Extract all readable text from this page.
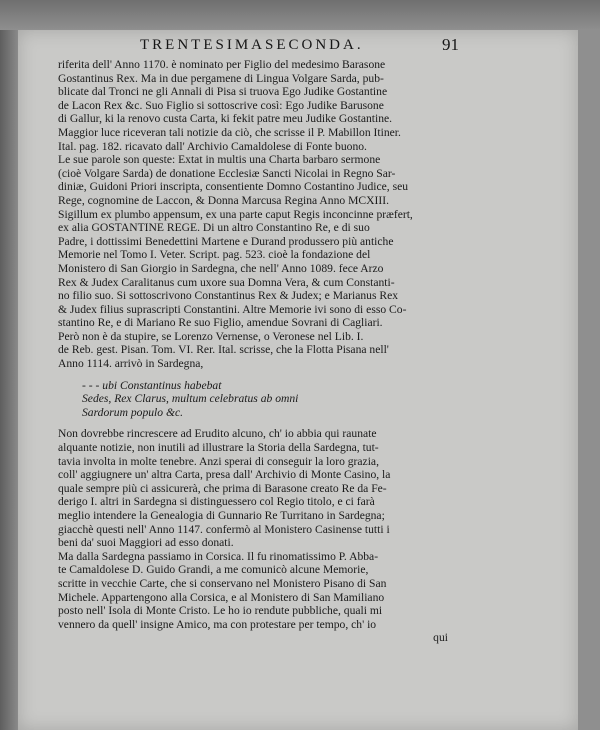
TRENTESIMASECONDA.	91
riferita dell' Anno 1170. è nominato per Figlio del medesimo Barasone
Gostantinus Rex. Ma in due pergamene di Lingua Volgare Sarda, pub-
blicate dal Tronci ne gli Annali di Pisa si truova Ego Judike Gostantine
de Lacon Rex &c. Suo Figlio si sottoscrive così: Ego Judike Barusone
di Gallur, ki la renovo custa Carta, ki fekit patre meu Judike Gostantine.
Maggior luce riceveran tali notizie da ciò, che scrisse il P. Mabillon Itiner.
Ital. pag. 182. ricavato dall' Archivio Camaldolese di Fonte buono.
Le sue parole son queste: Extat in multis una Charta barbaro sermone
(cioè Volgare Sarda) de donatione Ecclesiæ Sancti Nicolai in Regno Sar-
diniæ, Guidoni Priori inscripta, consentiente Domno Costantino Judice, seu
Rege, cognomine de Laccon, & Donna Marcusa Regina Anno MCXIII.
Sigillum ex plumbo appensum, ex una parte caput Regis inconcinne præfert,
ex alia GOSTANTINE REGE. Di un altro Constantino Re, e di suo
Padre, i dottissimi Benedettini Martene e Durand produssero più antiche
Memorie nel Tomo I. Veter. Script. pag. 523. cioè la fondazione del
Monistero di San Giorgio in Sardegna, che nell' Anno 1089. fece Arzo
Rex & Judex Caralitanus cum uxore sua Domna Vera, & cum Constanti-
no filio suo. Si sottoscrivono Constantinus Rex & Judex; e Marianus Rex
& Judex filius suprascripti Constantini. Altre Memorie ivi sono di esso Co-
stantino Re, e di Mariano Re suo Figlio, amendue Sovrani di Cagliari.
Però non è da stupire, se Lorenzo Vernense, o Veronese nel Lib. I.
de Reb. gest. Pisan. Tom. VI. Rer. Ital. scrisse, che la Flotta Pisana nell'
Anno 1114. arrivò in Sardegna,
- - - ubi Constantinus habebat
Sedes, Rex Clarus, multum celebratus ab omni
Sardorum populo &c.
Non dovrebbe rincrescere ad Erudito alcuno, ch' io abbia qui raunate
alquante notizie, non inutili ad illustrare la Storia della Sardegna, tut-
tavia involta in molte tenebre. Anzi sperai di conseguir la loro grazia,
coll' aggiugnere un' altra Carta, presa dall' Archivio di Monte Casino, la
quale sempre più ci assicurerà, che prima di Barasone creato Re da Fe-
derigo I. altri in Sardegna si distinguessero col Regio titolo, e ci farà
meglio intendere la Genealogia di Gunnario Re Turritano in Sardegna;
giacchè questi nell' Anno 1147. confermò al Monistero Casinense tutti i
beni da' suoi Maggiori ad esso donati.
Ma dalla Sardegna passiamo in Corsica. Il fu rinomatissimo P. Abba-
te Camaldolese D. Guido Grandi, a me comunicò alcune Memorie,
scritte in vecchie Carte, che si conservano nel Monistero Pisano di San
Michele. Appartengono alla Corsica, e al Monistero di San Mamiliano
posto nell' Isola di Monte Cristo. Le ho io rendute pubbliche, quali mi
vennero da quell' insigne Amico, ma con protestare per tempo, ch' io
qui
